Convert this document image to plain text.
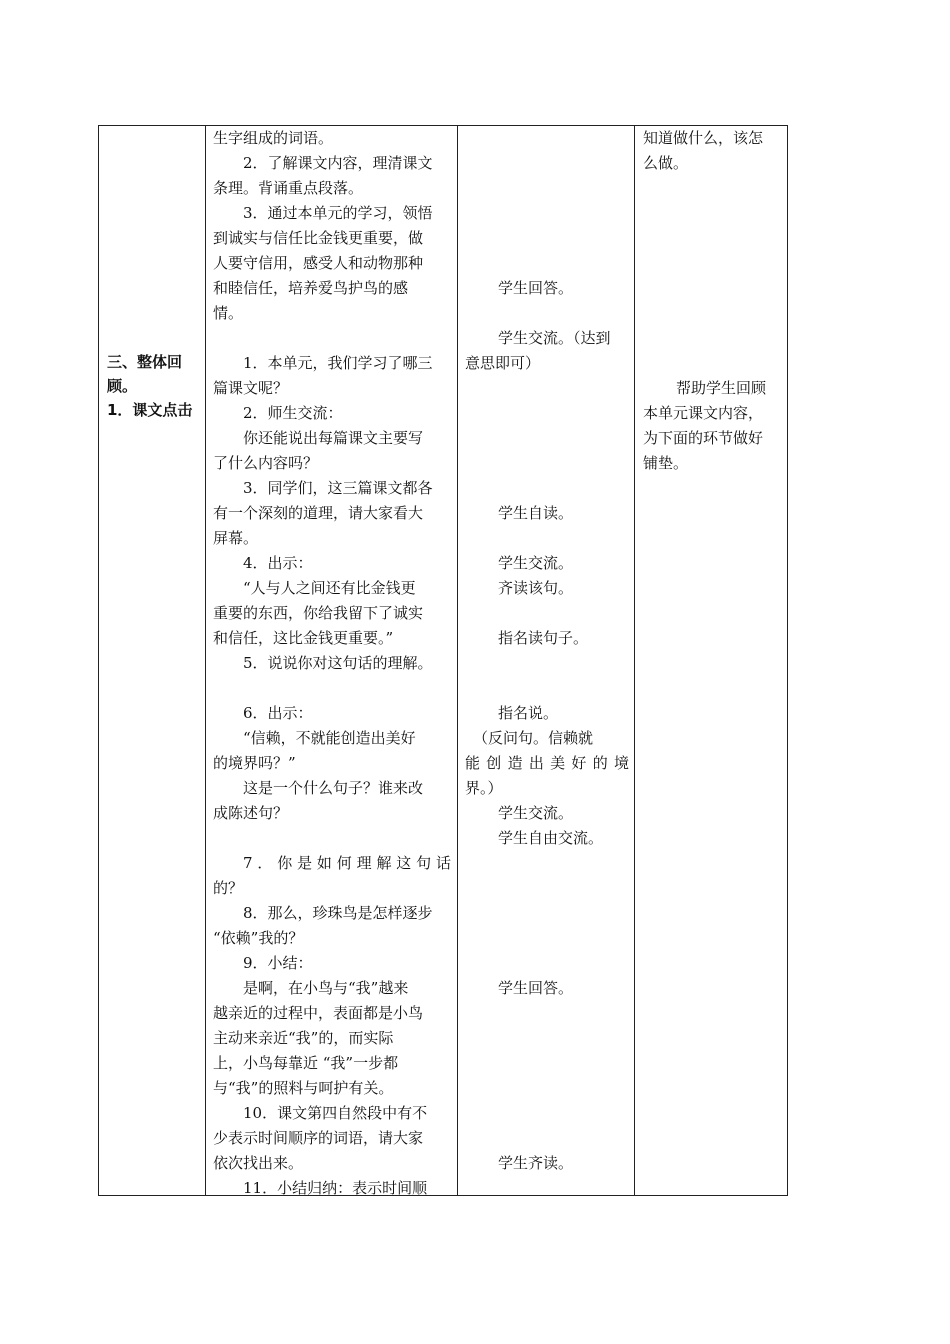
三、整体回
顾。
1．课文点击
生字组成的词语。
2．了解课文内容，理清课文
条理。背诵重点段落。
3．通过本单元的学习，领悟
到诚实与信任比金钱更重要，做
人要守信用，感受人和动物那种
和睦信任，培养爱鸟护鸟的感
情。
1．本单元，我们学习了哪三
篇课文呢？
2．师生交流：
你还能说出每篇课文主要写
了什么内容吗？
3．同学们，这三篇课文都各
有一个深刻的道理，请大家看大
屏幕。
4．出示：
“人与人之间还有比金钱更
重要的东西，你给我留下了诚实
和信任，这比金钱更重要。”
5．说说你对这句话的理解。
6．出示：
“信赖，不就能创造出美好
的境界吗？”
这是一个什么句子？谁来改
成陈述句？
7．你是如何理解这句话
的？
8．那么，珍珠鸟是怎样逐步
“依赖”我的？
9．小结：
是啊，在小鸟与“我”越来
越亲近的过程中，表面都是小鸟
主动来亲近“我”的，而实际
上，小鸟每靠近 “我”一步都
与“我”的照料与呵护有关。
10．课文第四自然段中有不
少表示时间顺序的词语，请大家
依次找出来。
11．小结归纳：表示时间顺
学生回答。
学生交流。（达到
意思即可）
学生自读。
学生交流。
齐读该句。
指名读句子。
指名说。
（反问句。信赖就
能创造出美好的境
界。）
学生交流。
学生自由交流。
学生回答。
学生齐读。
知道做什么，该怎
么做。
帮助学生回顾
本单元课文内容，
为下面的环节做好
铺垫。
